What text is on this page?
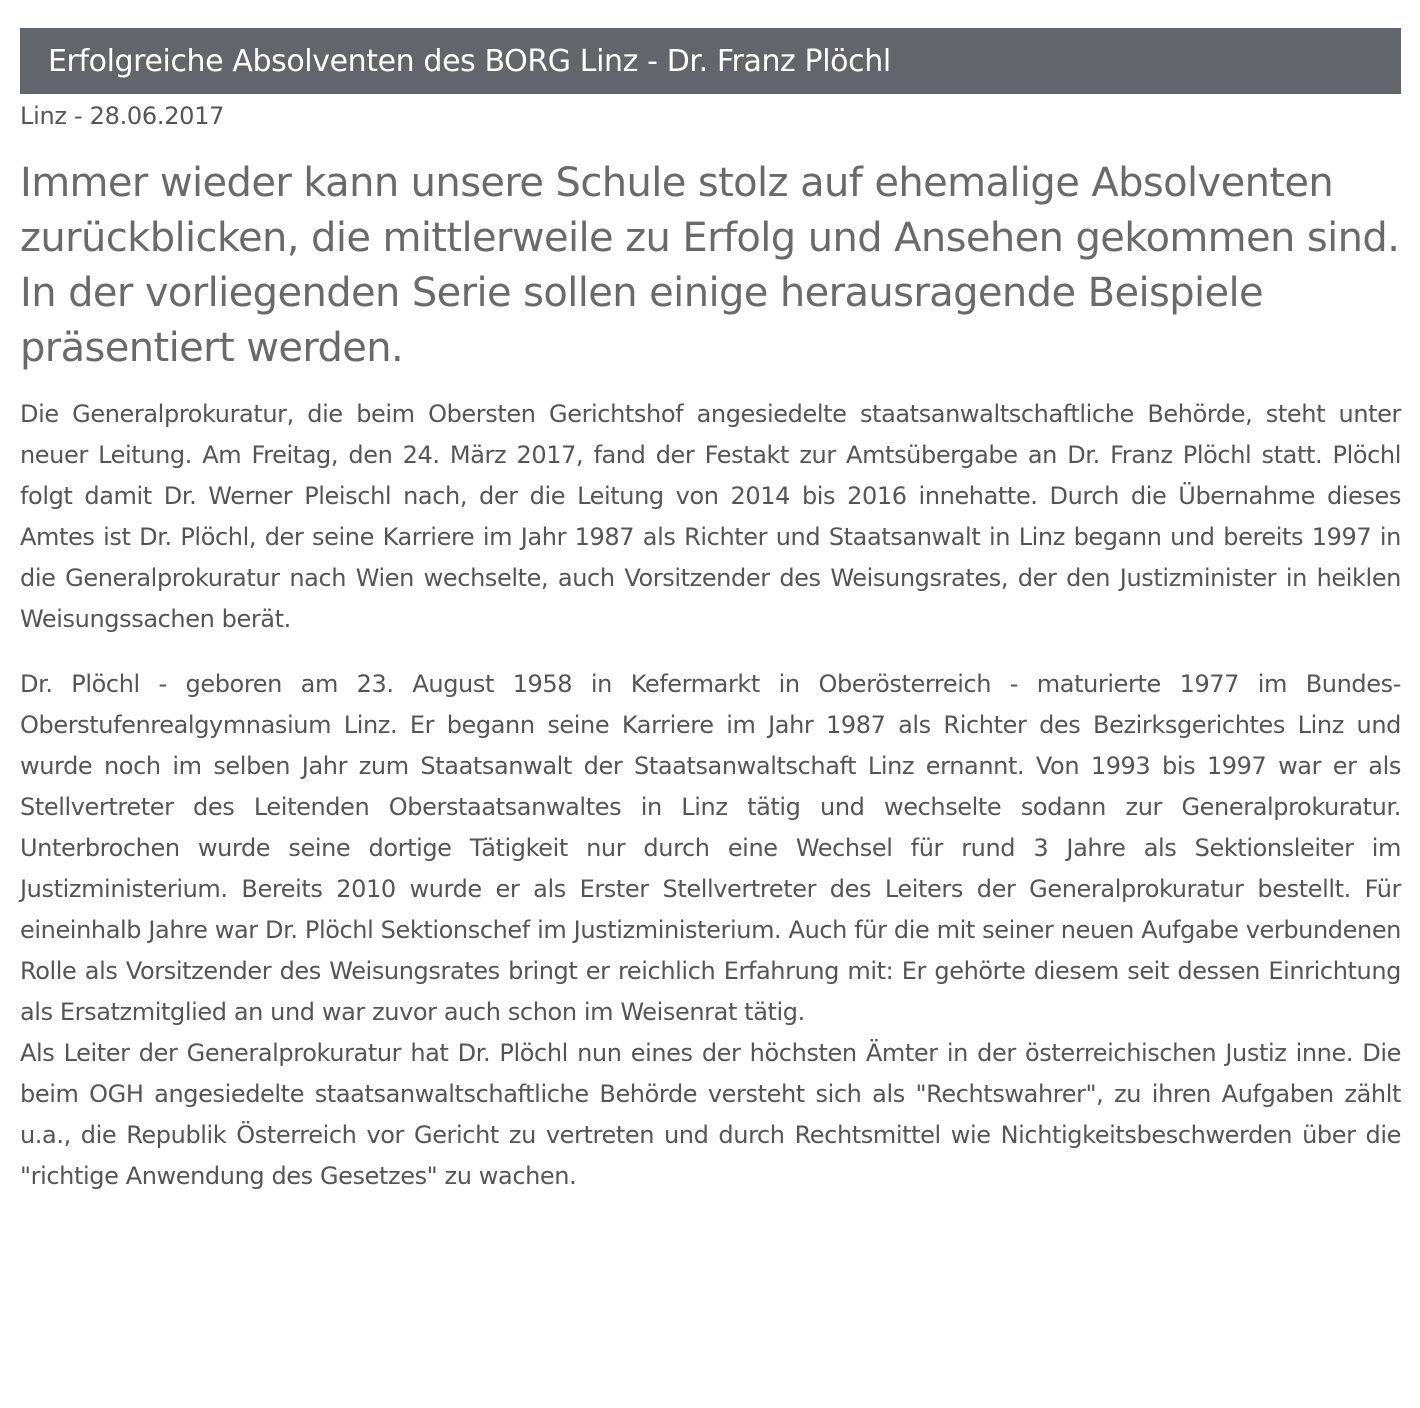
Erfolgreiche Absolventen des BORG Linz - Dr. Franz Plöchl
Linz - 28.06.2017

Immer wieder kann unsere Schule stolz auf ehemalige Absolventen zurückblicken, die mittlerweile zu Erfolg und Ansehen gekommen sind. In der vorliegenden Serie sollen einige herausragende Beispiele präsentiert werden.

Die Generalprokuratur, die beim Obersten Gerichtshof angesiedelte staatsanwaltschaftliche Behörde, steht unter neuer Leitung. Am Freitag, den 24. März 2017, fand der Festakt zur Amtsübergabe an Dr. Franz Plöchl statt. Plöchl folgt damit Dr. Werner Pleischl nach, der die Leitung von 2014 bis 2016 innehatte. Durch die Übernahme dieses Amtes ist Dr. Plöchl, der seine Karriere im Jahr 1987 als Richter und Staatsanwalt in Linz begann und bereits 1997 in die Generalprokuratur nach Wien wechselte, auch Vorsitzender des Weisungsrates, der den Justizminister in heiklen Weisungssachen berät.

Dr. Plöchl - geboren am 23. August 1958 in Kefermarkt in Oberösterreich - maturierte 1977 im Bundes-Oberstufenrealgymnasium Linz. Er begann seine Karriere im Jahr 1987 als Richter des Bezirksgerichtes Linz und wurde noch im selben Jahr zum Staatsanwalt der Staatsanwaltschaft Linz ernannt. Von 1993 bis 1997 war er als Stellvertreter des Leitenden Oberstaatsanwaltes in Linz tätig und wechselte sodann zur Generalprokuratur. Unterbrochen wurde seine dortige Tätigkeit nur durch eine Wechsel für rund 3 Jahre als Sektionsleiter im Justizministerium. Bereits 2010 wurde er als Erster Stellvertreter des Leiters der Generalprokuratur bestellt. Für eineinhalb Jahre war Dr. Plöchl Sektionschef im Justizministerium. Auch für die mit seiner neuen Aufgabe verbundenen Rolle als Vorsitzender des Weisungsrates bringt er reichlich Erfahrung mit: Er gehörte diesem seit dessen Einrichtung als Ersatzmitglied an und war zuvor auch schon im Weisenrat tätig.

Als Leiter der Generalprokuratur hat Dr. Plöchl nun eines der höchsten Ämter in der österreichischen Justiz inne. Die beim OGH angesiedelte staatsanwaltschaftliche Behörde versteht sich als "Rechtswahrer", zu ihren Aufgaben zählt u.a., die Republik Österreich vor Gericht zu vertreten und durch Rechtsmittel wie Nichtigkeitsbeschwerden über die "richtige Anwendung des Gesetzes" zu wachen.
